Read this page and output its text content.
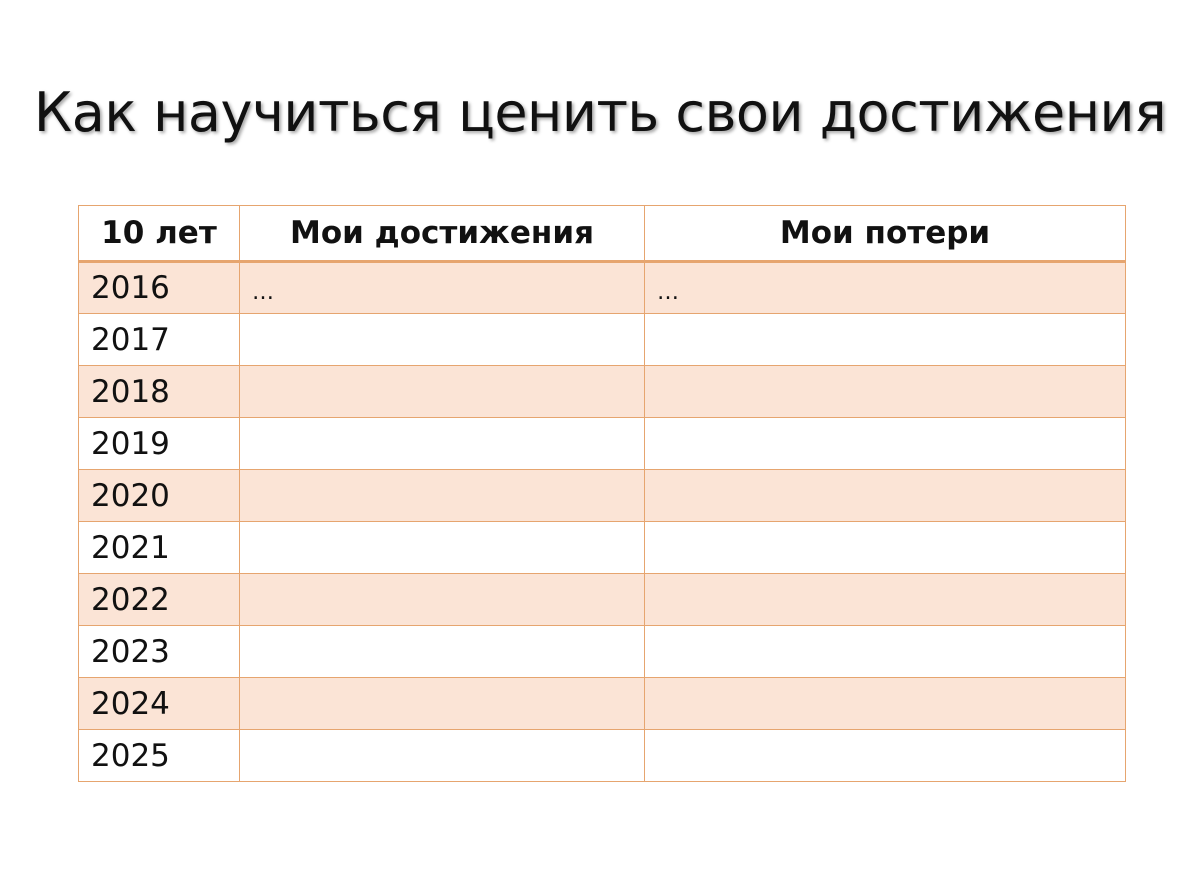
Как научиться ценить свои достижения
10 лет	Мои достижения	Мои потери
2016	…	…
2017		
2018		
2019		
2020		
2021		
2022		
2023		
2024		
2025		
